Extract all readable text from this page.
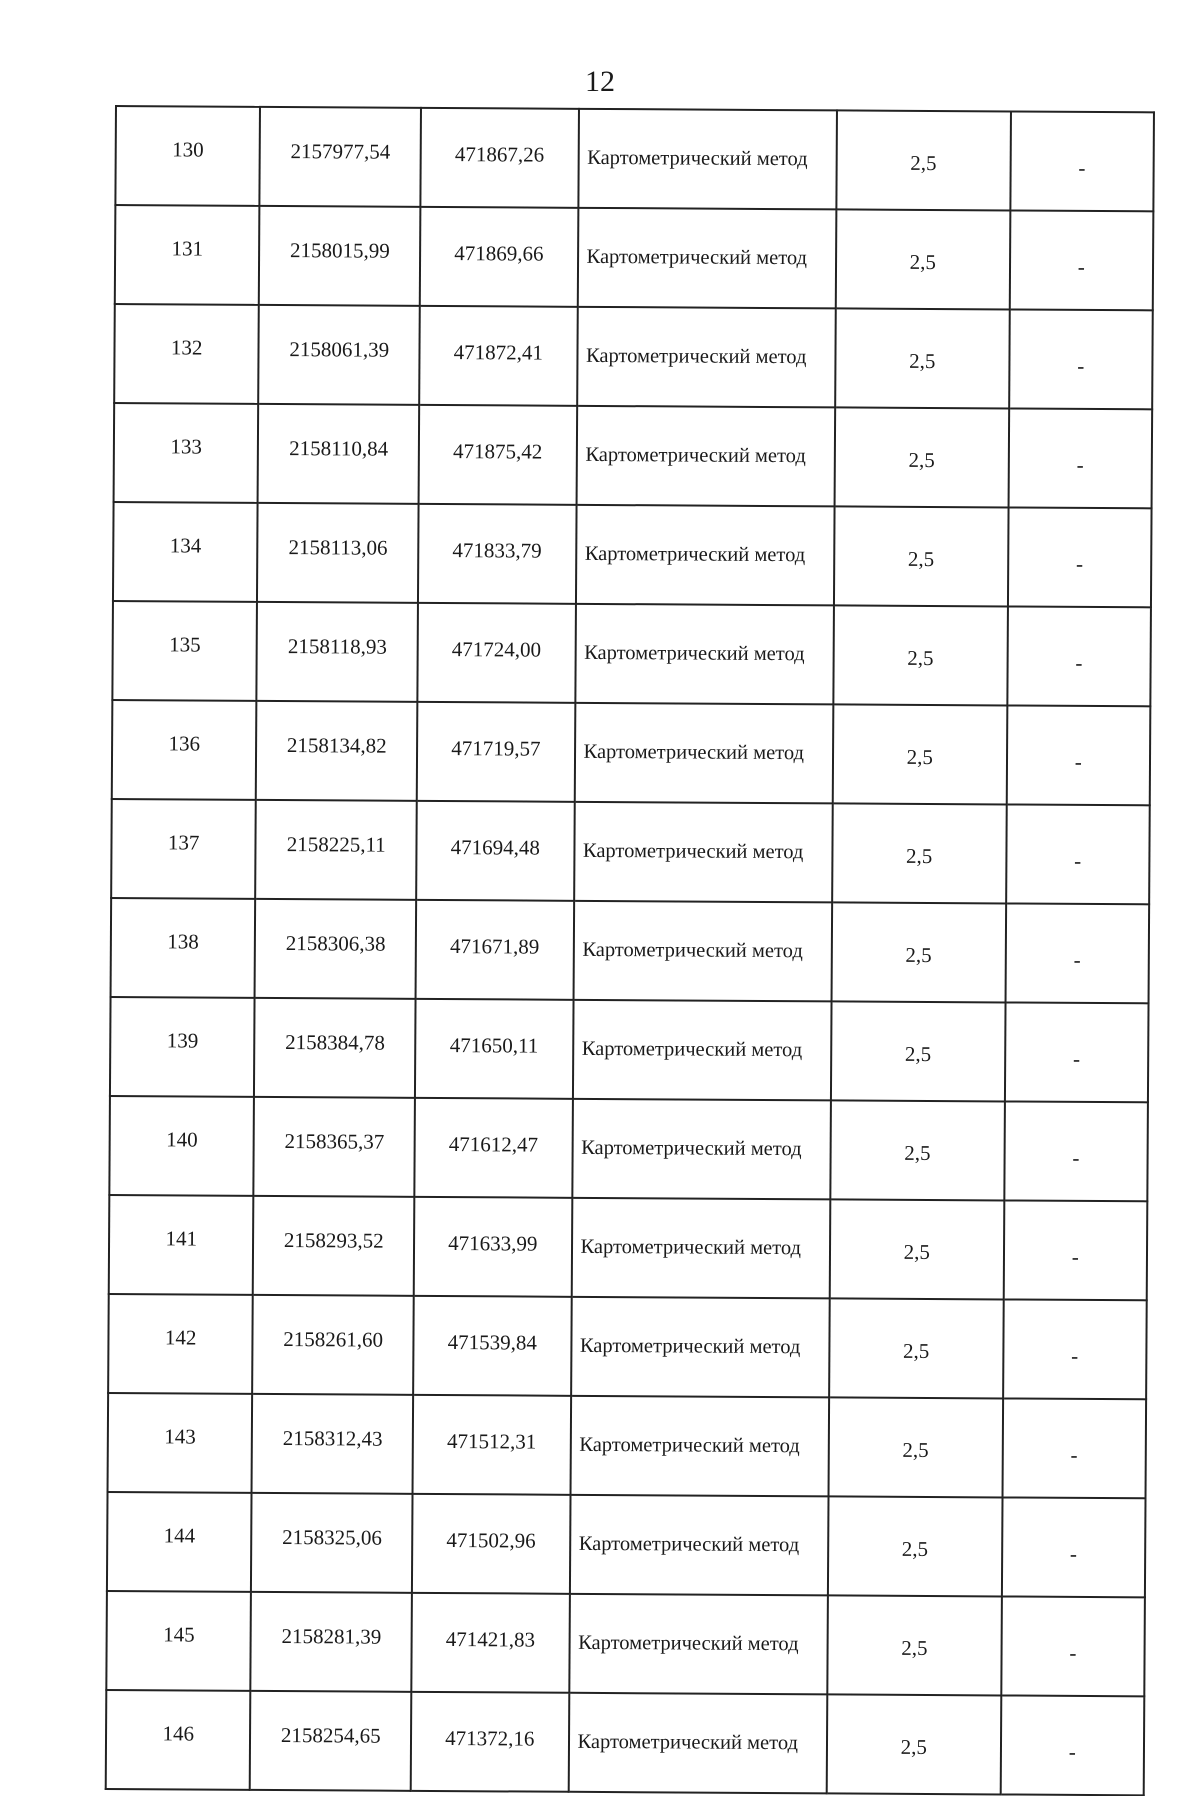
12
130	2157977,54	471867,26	Картометрический метод	2,5	-
131	2158015,99	471869,66	Картометрический метод	2,5	-
132	2158061,39	471872,41	Картометрический метод	2,5	-
133	2158110,84	471875,42	Картометрический метод	2,5	-
134	2158113,06	471833,79	Картометрический метод	2,5	-
135	2158118,93	471724,00	Картометрический метод	2,5	-
136	2158134,82	471719,57	Картометрический метод	2,5	-
137	2158225,11	471694,48	Картометрический метод	2,5	-
138	2158306,38	471671,89	Картометрический метод	2,5	-
139	2158384,78	471650,11	Картометрический метод	2,5	-
140	2158365,37	471612,47	Картометрический метод	2,5	-
141	2158293,52	471633,99	Картометрический метод	2,5	-
142	2158261,60	471539,84	Картометрический метод	2,5	-
143	2158312,43	471512,31	Картометрический метод	2,5	-
144	2158325,06	471502,96	Картометрический метод	2,5	-
145	2158281,39	471421,83	Картометрический метод	2,5	-
146	2158254,65	471372,16	Картометрический метод	2,5	-
